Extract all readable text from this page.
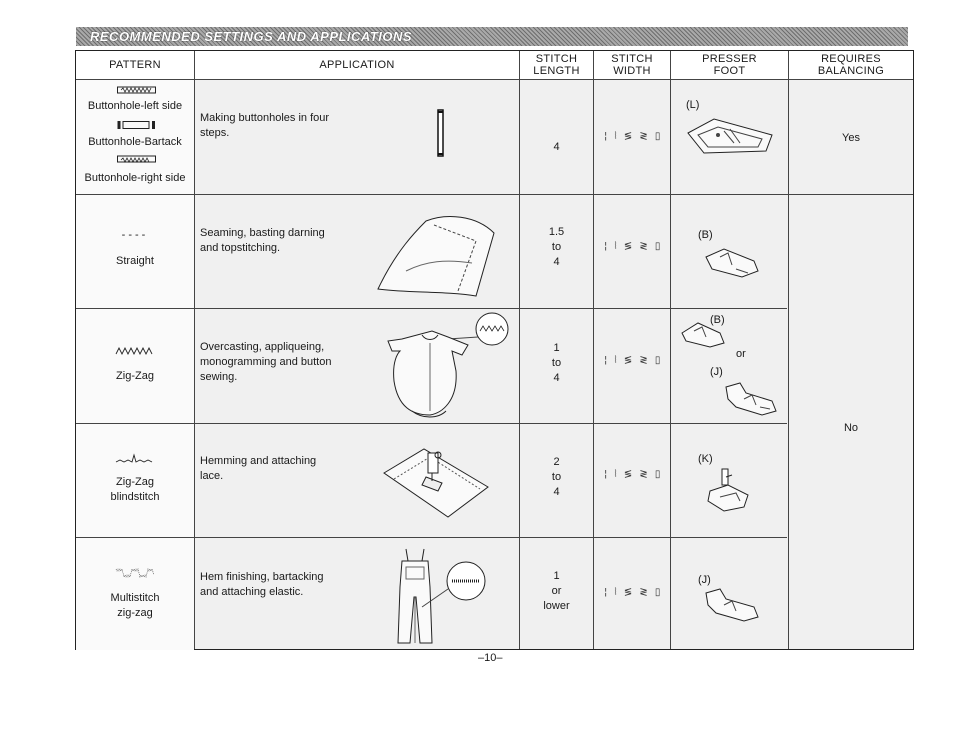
RECOMMENDED SETTINGS AND APPLICATIONS
PATTERN	APPLICATION	STITCH
LENGTH
STITCH
WIDTH
PRESSER
FOOT
REQUIRES
BALANCING
Buttonhole-left side
Buttonhole-Bartack
Buttonhole-right side
Making buttonholes in four
steps.
4
¦ ⦚ ≶ ≷ ▯
(L)
Yes
----
Straight
Seaming, basting darning
and topstitching.
1.5
to
4
¦ ⦚ ≶ ≷ ▯
(B)
Zig-Zag
Overcasting, appliqueing,
monogramming and button
sewing.
1
to
4
¦ ⦚ ≶ ≷ ▯
(B)
or
(J)
No
Zig-Zag
blindstitch
Hemming and attaching
lace.
2
to
4
¦ ⦚ ≶ ≷ ▯
(K)
Multistitch
zig-zag
Hem finishing, bartacking
and attaching elastic.
1
or
lower
¦ ⦚ ≶ ≷ ▯
(J)
–10–
